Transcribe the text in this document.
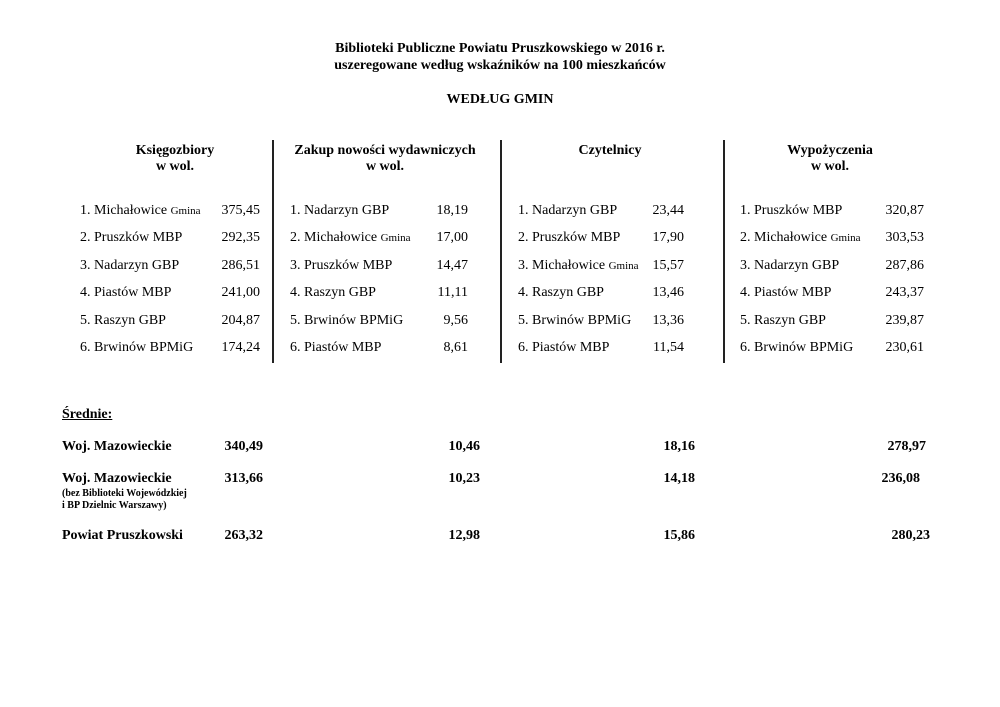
Biblioteki Publiczne Powiatu Pruszkowskiego w 2016 r.
uszeregowane według wskaźników na 100 mieszkańców
WEDŁUG GMIN
Księgozbiory
w wol.
Zakup nowości wydawniczych
w wol.
Czytelnicy	Wypożyczenia
w wol.
1. Michałowice Gmina 375,45
2. Pruszków MBP	292,35
3. Nadarzyn GBP	286,51
4. Piastów MBP	241,00
5. Raszyn GBP	204,87
6. Brwinów BPMiG 174,24
1. Nadarzyn GBP	18,19
2. Michałowice Gmina 17,00
3. Pruszków MBP	14,47
4. Raszyn GBP	11,11
5. Brwinów BPMiG	9,56
6. Piastów MBP	8,61
1. Nadarzyn GBP	23,44
2. Pruszków MBP 17,90
3. Michałowice Gmina 15,57
4. Raszyn GBP	13,46
5. Brwinów BPMiG 13,36
6. Piastów MBP	11,54
1. Pruszków MBP	320,87
2. Michałowice Gmina 303,53
3. Nadarzyn GBP	287,86
4. Piastów MBP	243,37
5. Raszyn GBP	239,87
6. Brwinów BPMiG 230,61
Średnie:
Woj. Mazowieckie	340,49	10,46	18,16	278,97
Woj. Mazowieckie
(bez Biblioteki Wojewódzkiej
i BP Dzielnic Warszawy)
313,66	10,23	14,18	236,08
Powiat Pruszkowski	263,32	12,98	15,86	280,23
